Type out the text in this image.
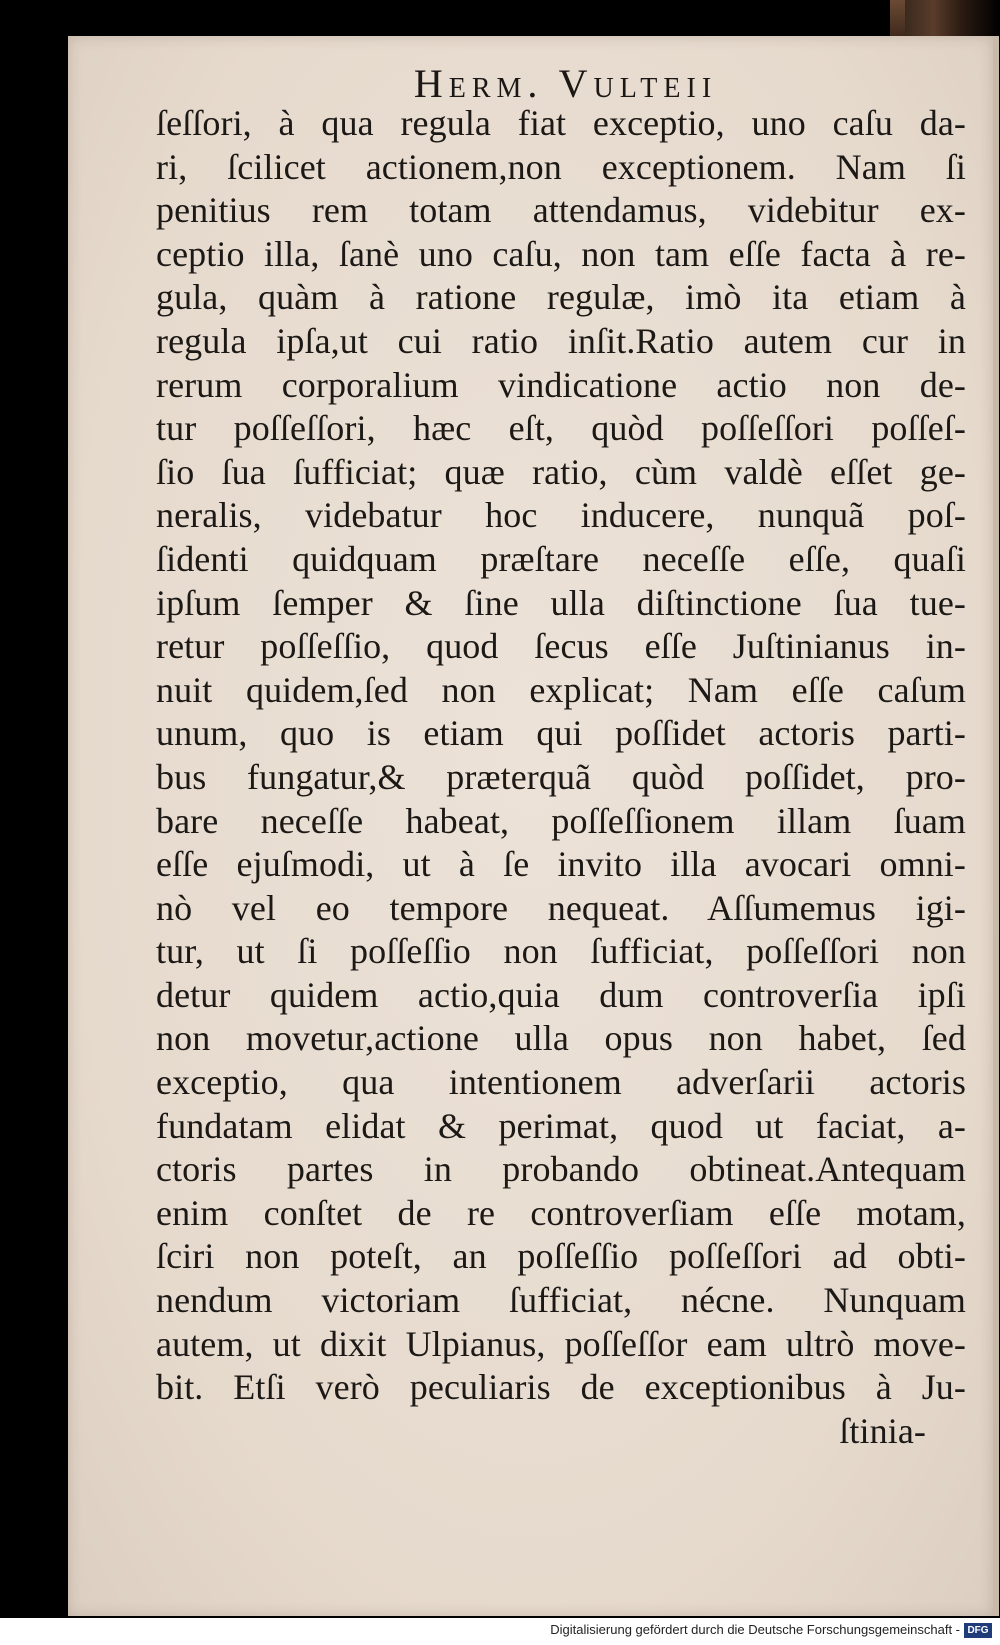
Herm. Vulteii
ſeſſori, à qua regula fiat exceptio, uno caſu da-
ri, ſcilicet actionem,non exceptionem. Nam ſi
penitius rem totam attendamus, videbitur ex-
ceptio illa, ſanè uno caſu, non tam eſſe facta à re-
gula, quàm à ratione regulæ, imò ita etiam à
regula ipſa,ut cui ratio inſit.Ratio autem cur in
rerum corporalium vindicatione actio non de-
tur poſſeſſori, hæc eſt, quòd poſſeſſori poſſeſ-
ſio ſua ſufficiat; quæ ratio, cùm valdè eſſet ge-
neralis, videbatur hoc inducere, nunquã poſ-
ſidenti quidquam præſtare neceſſe eſſe, quaſi
ipſum ſemper & ſine ulla diſtinctione ſua tue-
retur poſſeſſio, quod ſecus eſſe Juſtinianus in-
nuit quidem,ſed non explicat; Nam eſſe caſum
unum, quo is etiam qui poſſidet actoris parti-
bus fungatur,& præterquã quòd poſſidet, pro-
bare neceſſe habeat, poſſeſſionem illam ſuam
eſſe ejuſmodi, ut à ſe invito illa avocari omni-
nò vel eo tempore nequeat. Aſſumemus igi-
tur, ut ſi poſſeſſio non ſufficiat, poſſeſſori non
detur quidem actio,quia dum controverſia ipſi
non movetur,actione ulla opus non habet, ſed
exceptio, qua intentionem adverſarii actoris
fundatam elidat & perimat, quod ut faciat, a-
ctoris partes in probando obtineat.Antequam
enim conſtet de re controverſiam eſſe motam,
ſciri non poteſt, an poſſeſſio poſſeſſori ad obti-
nendum victoriam ſufficiat, nécne. Nunquam
autem, ut dixit Ulpianus, poſſeſſor eam ultrò move-
bit. Etſi verò peculiaris de exceptionibus à Ju-
ſtinia-
Digitalisierung gefördert durch die Deutsche Forschungsgemeinschaft - DFG
